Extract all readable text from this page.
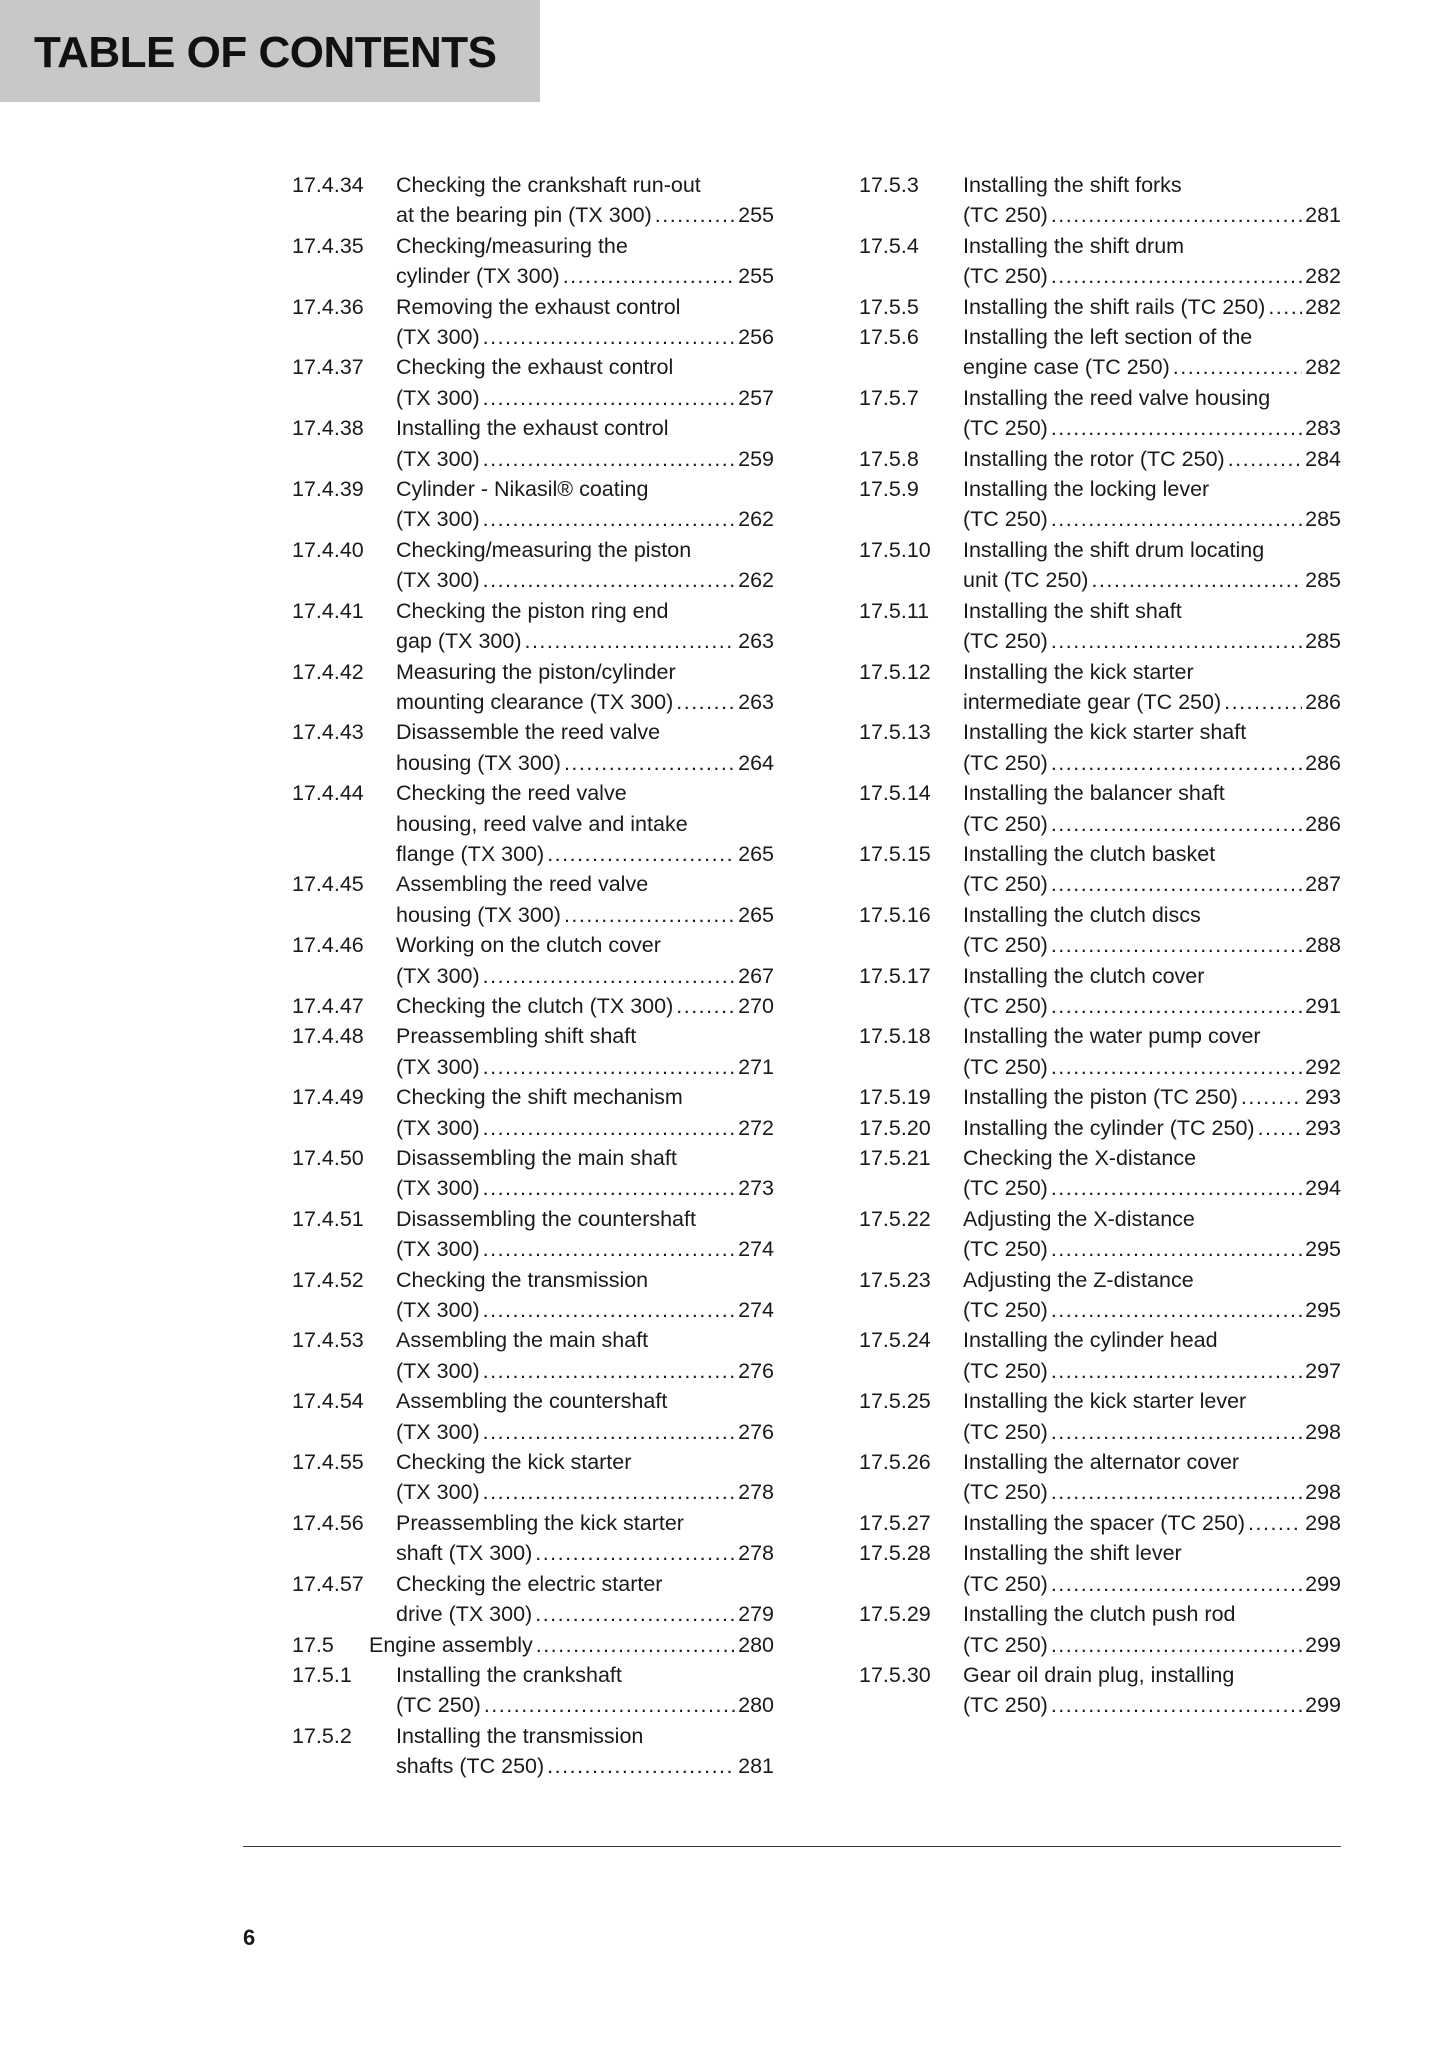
TABLE OF CONTENTS
17.4.34 Checking the crankshaft run-out
at the bearing pin (TX 300) .....	255
17.4.35 Checking/measuring the
cylinder (TX 300) .....	255
17.4.36 Removing the exhaust control
(TX 300) .....	256
17.4.37 Checking the exhaust control
(TX 300) .....	257
17.4.38 Installing the exhaust control
(TX 300) .....	259
17.4.39 Cylinder - Nikasil® coating
(TX 300) .....	262
17.4.40 Checking/measuring the piston
(TX 300) .....	262
17.4.41 Checking the piston ring end
gap (TX 300) .....	263
17.4.42 Measuring the piston/cylinder
mounting clearance (TX 300) .....	263
17.4.43 Disassemble the reed valve
housing (TX 300) .....	264
17.4.44 Checking the reed valve
housing, reed valve and intake
flange (TX 300) .....	265
17.4.45 Assembling the reed valve
housing (TX 300) .....	265
17.4.46 Working on the clutch cover
(TX 300) .....	267
17.4.47 Checking the clutch (TX 300) .....	270
17.4.48 Preassembling shift shaft
(TX 300) .....	271
17.4.49 Checking the shift mechanism
(TX 300) .....	272
17.4.50 Disassembling the main shaft
(TX 300) .....	273
17.4.51 Disassembling the countershaft
(TX 300) .....	274
17.4.52 Checking the transmission
(TX 300) .....	274
17.4.53 Assembling the main shaft
(TX 300) .....	276
17.4.54 Assembling the countershaft
(TX 300) .....	276
17.4.55 Checking the kick starter
(TX 300) .....	278
17.4.56 Preassembling the kick starter
shaft (TX 300) .....	278
17.4.57 Checking the electric starter
drive (TX 300) .....	279
17.5 Engine assembly .....	280
17.5.1 Installing the crankshaft
(TC 250) .....	280
17.5.2 Installing the transmission
shafts (TC 250) .....	281
17.5.3 Installing the shift forks
(TC 250) .....	281
17.5.4 Installing the shift drum
(TC 250) .....	282
17.5.5 Installing the shift rails (TC 250) ..... 282
17.5.6 Installing the left section of the
engine case (TC 250) .....	282
17.5.7 Installing the reed valve housing
(TC 250) .....	283
17.5.8 Installing the rotor (TC 250) .....	284
17.5.9 Installing the locking lever
(TC 250) .....	285
17.5.10 Installing the shift drum locating
unit (TC 250) .....	285
17.5.11 Installing the shift shaft
(TC 250) .....	285
17.5.12 Installing the kick starter
intermediate gear (TC 250) .....	286
17.5.13 Installing the kick starter shaft
(TC 250) .....	286
17.5.14 Installing the balancer shaft
(TC 250) .....	286
17.5.15 Installing the clutch basket
(TC 250) .....	287
17.5.16 Installing the clutch discs
(TC 250) .....	288
17.5.17 Installing the clutch cover
(TC 250) .....	291
17.5.18 Installing the water pump cover
(TC 250) .....	292
17.5.19 Installing the piston (TC 250) .....	293
17.5.20 Installing the cylinder (TC 250) ..... 293
17.5.21 Checking the X-distance
(TC 250) .....	294
17.5.22 Adjusting the X-distance
(TC 250) .....	295
17.5.23 Adjusting the Z-distance
(TC 250) .....	295
17.5.24 Installing the cylinder head
(TC 250) .....	297
17.5.25 Installing the kick starter lever
(TC 250) .....	298
17.5.26 Installing the alternator cover
(TC 250) .....	298
17.5.27 Installing the spacer (TC 250) .....	298
17.5.28 Installing the shift lever
(TC 250) .....	299
17.5.29 Installing the clutch push rod
(TC 250) .....	299
17.5.30 Gear oil drain plug, installing
(TC 250) .....	299
6
